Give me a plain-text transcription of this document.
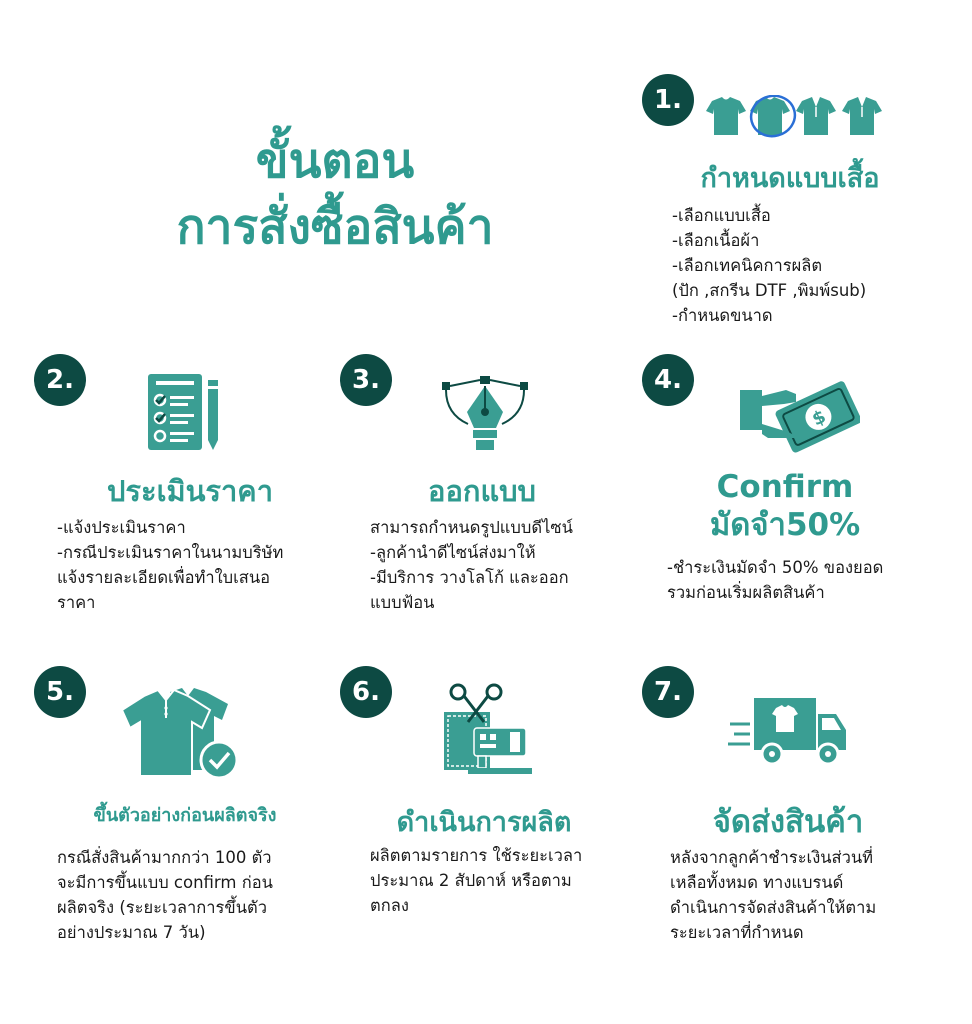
ขั้นตอน
การสั่งซื้อสินค้า
1.
กำหนดแบบเสื้อ
-เลือกแบบเสื้อ
-เลือกเนื้อผ้า
-เลือกเทคนิคการผลิต
(ปัก ,สกรีน DTF ,พิมพ์sub)
-กำหนดขนาด
2.
ประเมินราคา
-แจ้งประเมินราคา
-กรณีประเมินราคาในนามบริษัท
แจ้งรายละเอียดเพื่อทำใบเสนอ
ราคา
3.
ออกแบบ
สามารถกำหนดรูปแบบดีไซน์
-ลูกค้านำดีไซน์ส่งมาให้
-มีบริการ วางโลโก้ และออก
แบบฟ้อน
4.
$
Confirm
มัดจำ50%
-ชำระเงินมัดจำ 50% ของยอด
รวมก่อนเริ่มผลิตสินค้า
5.
ขึ้นตัวอย่างก่อนผลิตจริง
กรณีสั่งสินค้ามากกว่า 100 ตัว
จะมีการขึ้นแบบ confirm ก่อน
ผลิตจริง (ระยะเวลาการขึ้นตัว
อย่างประมาณ 7 วัน)
6.
ดำเนินการผลิต
ผลิตตามรายการ ใช้ระยะเวลา
ประมาณ 2 สัปดาห์ หรือตาม
ตกลง
7.
จัดส่งสินค้า
หลังจากลูกค้าชำระเงินส่วนที่
เหลือทั้งหมด ทางแบรนด์
ดำเนินการจัดส่งสินค้าให้ตาม
ระยะเวลาที่กำหนด
